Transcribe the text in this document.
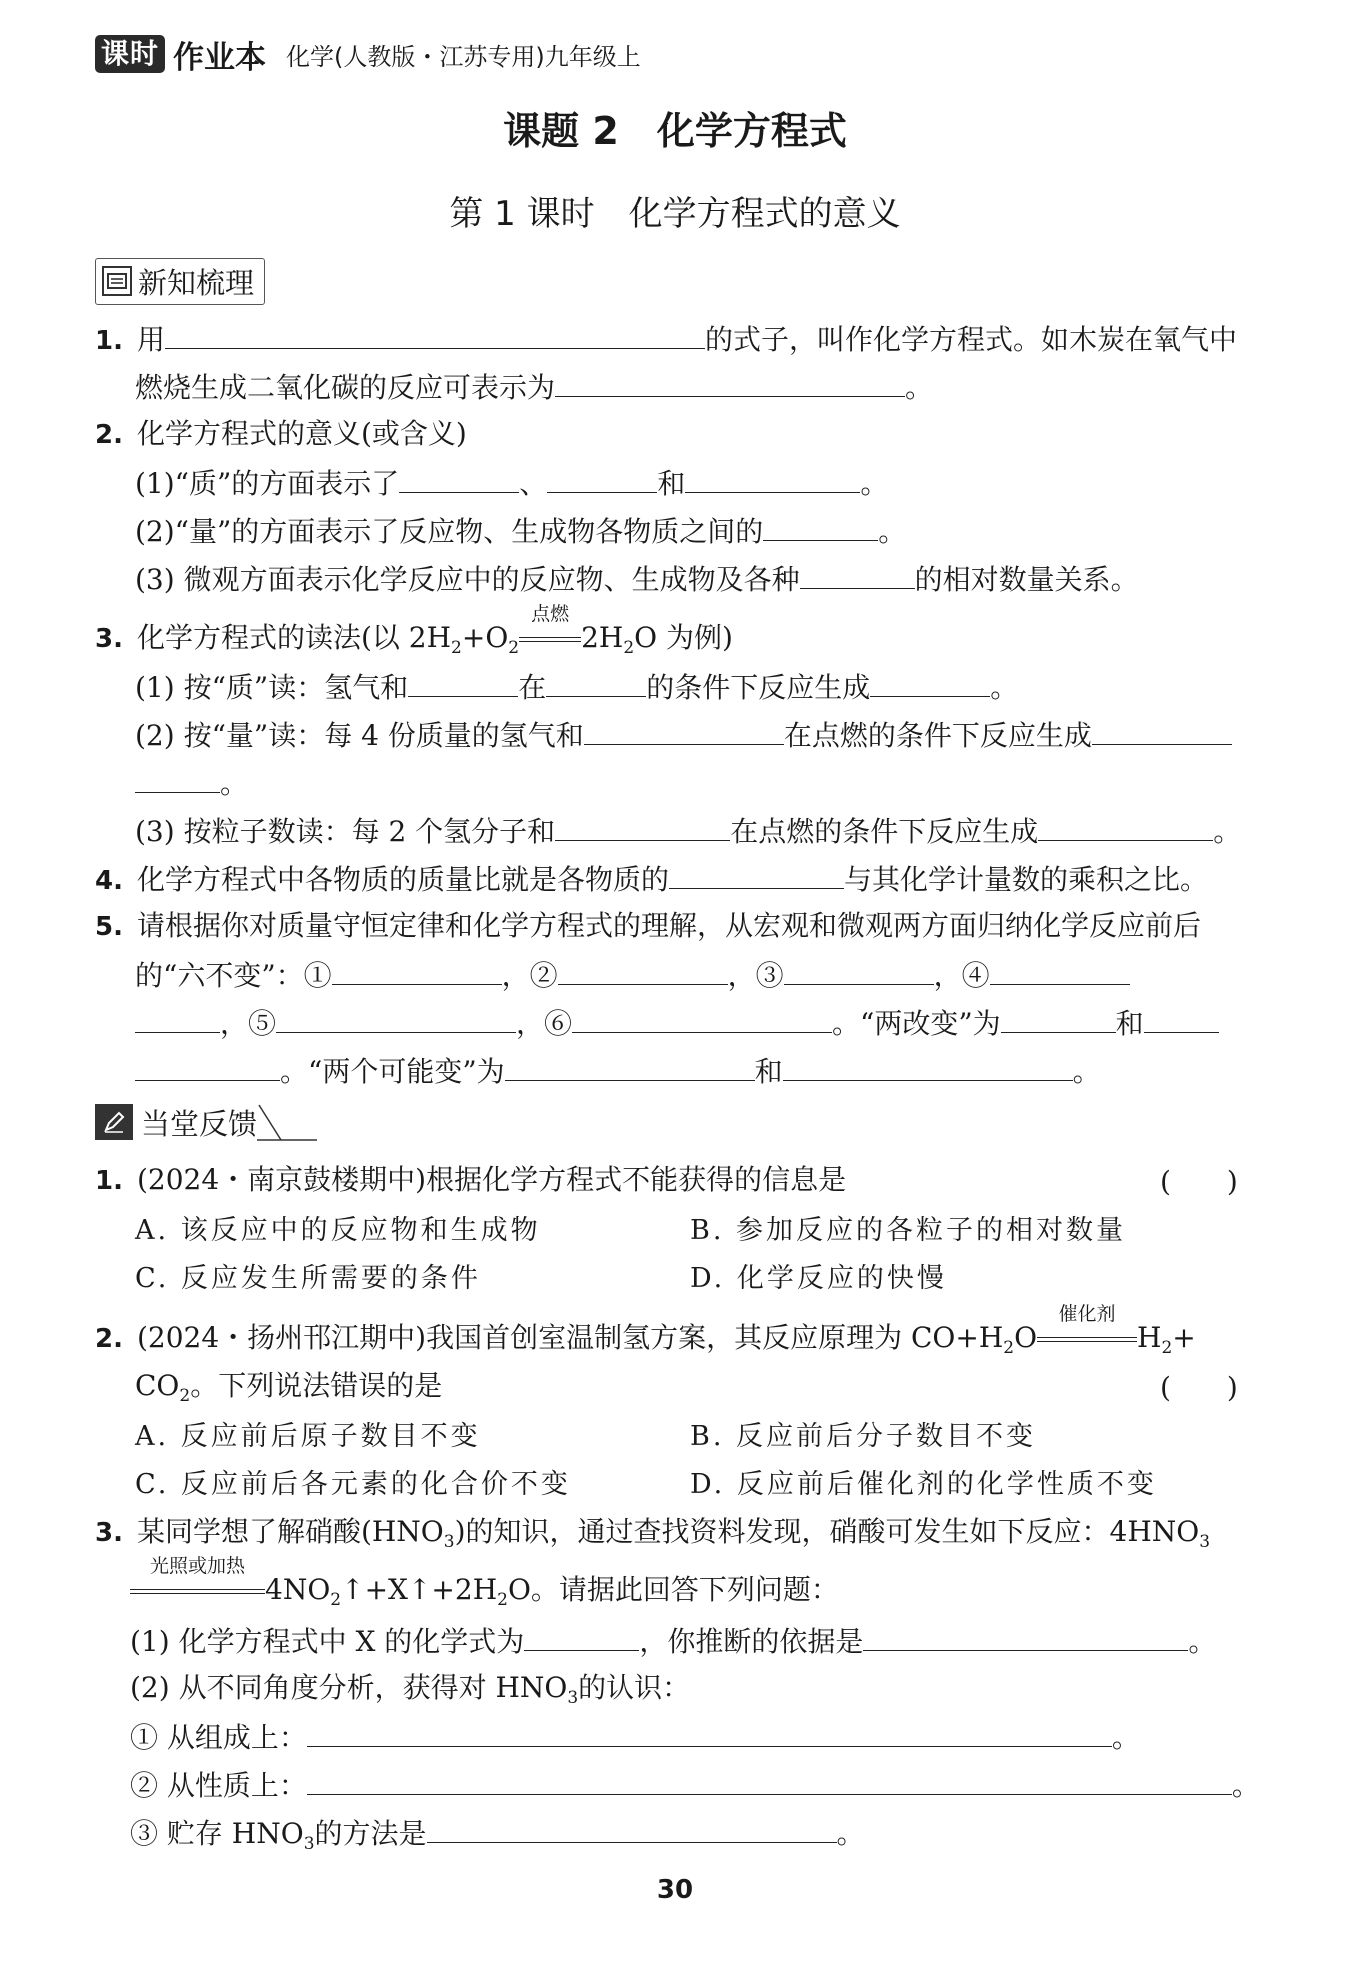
课时 作业本 化学(人教版・江苏专用)九年级上
课题 2　化学方程式
第 1 课时　化学方程式的意义
新知梳理
1. 用	的式子，叫作化学方程式。如木炭在氧气中
燃烧生成二氧化碳的反应可表示为	。
2. 化学方程式的意义(或含义)
(1)“质”的方面表示了	、	和	。
(2)“量”的方面表示了反应物、生成物各物质之间的	。
(3) 微观方面表示化学反应中的反应物、生成物及各种	的相对数量关系。
3. 化学方程式的读法(以 $2H_2+O_2$
点燃
$2H_2O$ 为例)
(1) 按“质”读：氢气和	在	的条件下反应生成	。
(2) 按“量”读：每 4 份质量的氢气和	在点燃的条件下反应生成
。
(3) 按粒子数读：每 2 个氢分子和	在点燃的条件下反应生成	。
4. 化学方程式中各物质的质量比就是各物质的	与其化学计量数的乘积之比。
5. 请根据你对质量守恒定律和化学方程式的理解，从宏观和微观两方面归纳化学反应前后
的“六不变”：①	，②	，③	，④
，⑤	，⑥	。“两改变”为	和
。“两个可能变”为	和	。
当堂反馈
1. (2024・南京鼓楼期中)根据化学方程式不能获得的信息是	(　　)
A. 该反应中的反应物和生成物	B. 参加反应的各粒子的相对数量
C. 反应发生所需要的条件	D. 化学反应的快慢
2. (2024・扬州邗江期中)我国首创室温制氢方案，其反应原理为 $CO+H_2O$
催化剂
$H_2+$
$CO_2$。下列说法错误的是	(　　)
A. 反应前后原子数目不变	B. 反应前后分子数目不变
C. 反应前后各元素的化合价不变	D. 反应前后催化剂的化学性质不变
3. 某同学想了解硝酸$(HNO_3)$的知识，通过查找资料发现，硝酸可发生如下反应：$4HNO_3$
光照或加热
$4NO_2↑+X↑+2H_2O$。请据此回答下列问题：
(1) 化学方程式中 X 的化学式为	，你推断的依据是	。
(2) 从不同角度分析，获得对 $HNO_3$的认识：
① 从组成上：	。
② 从性质上：	。
③ 贮存 $HNO_3$的方法是	。
30
